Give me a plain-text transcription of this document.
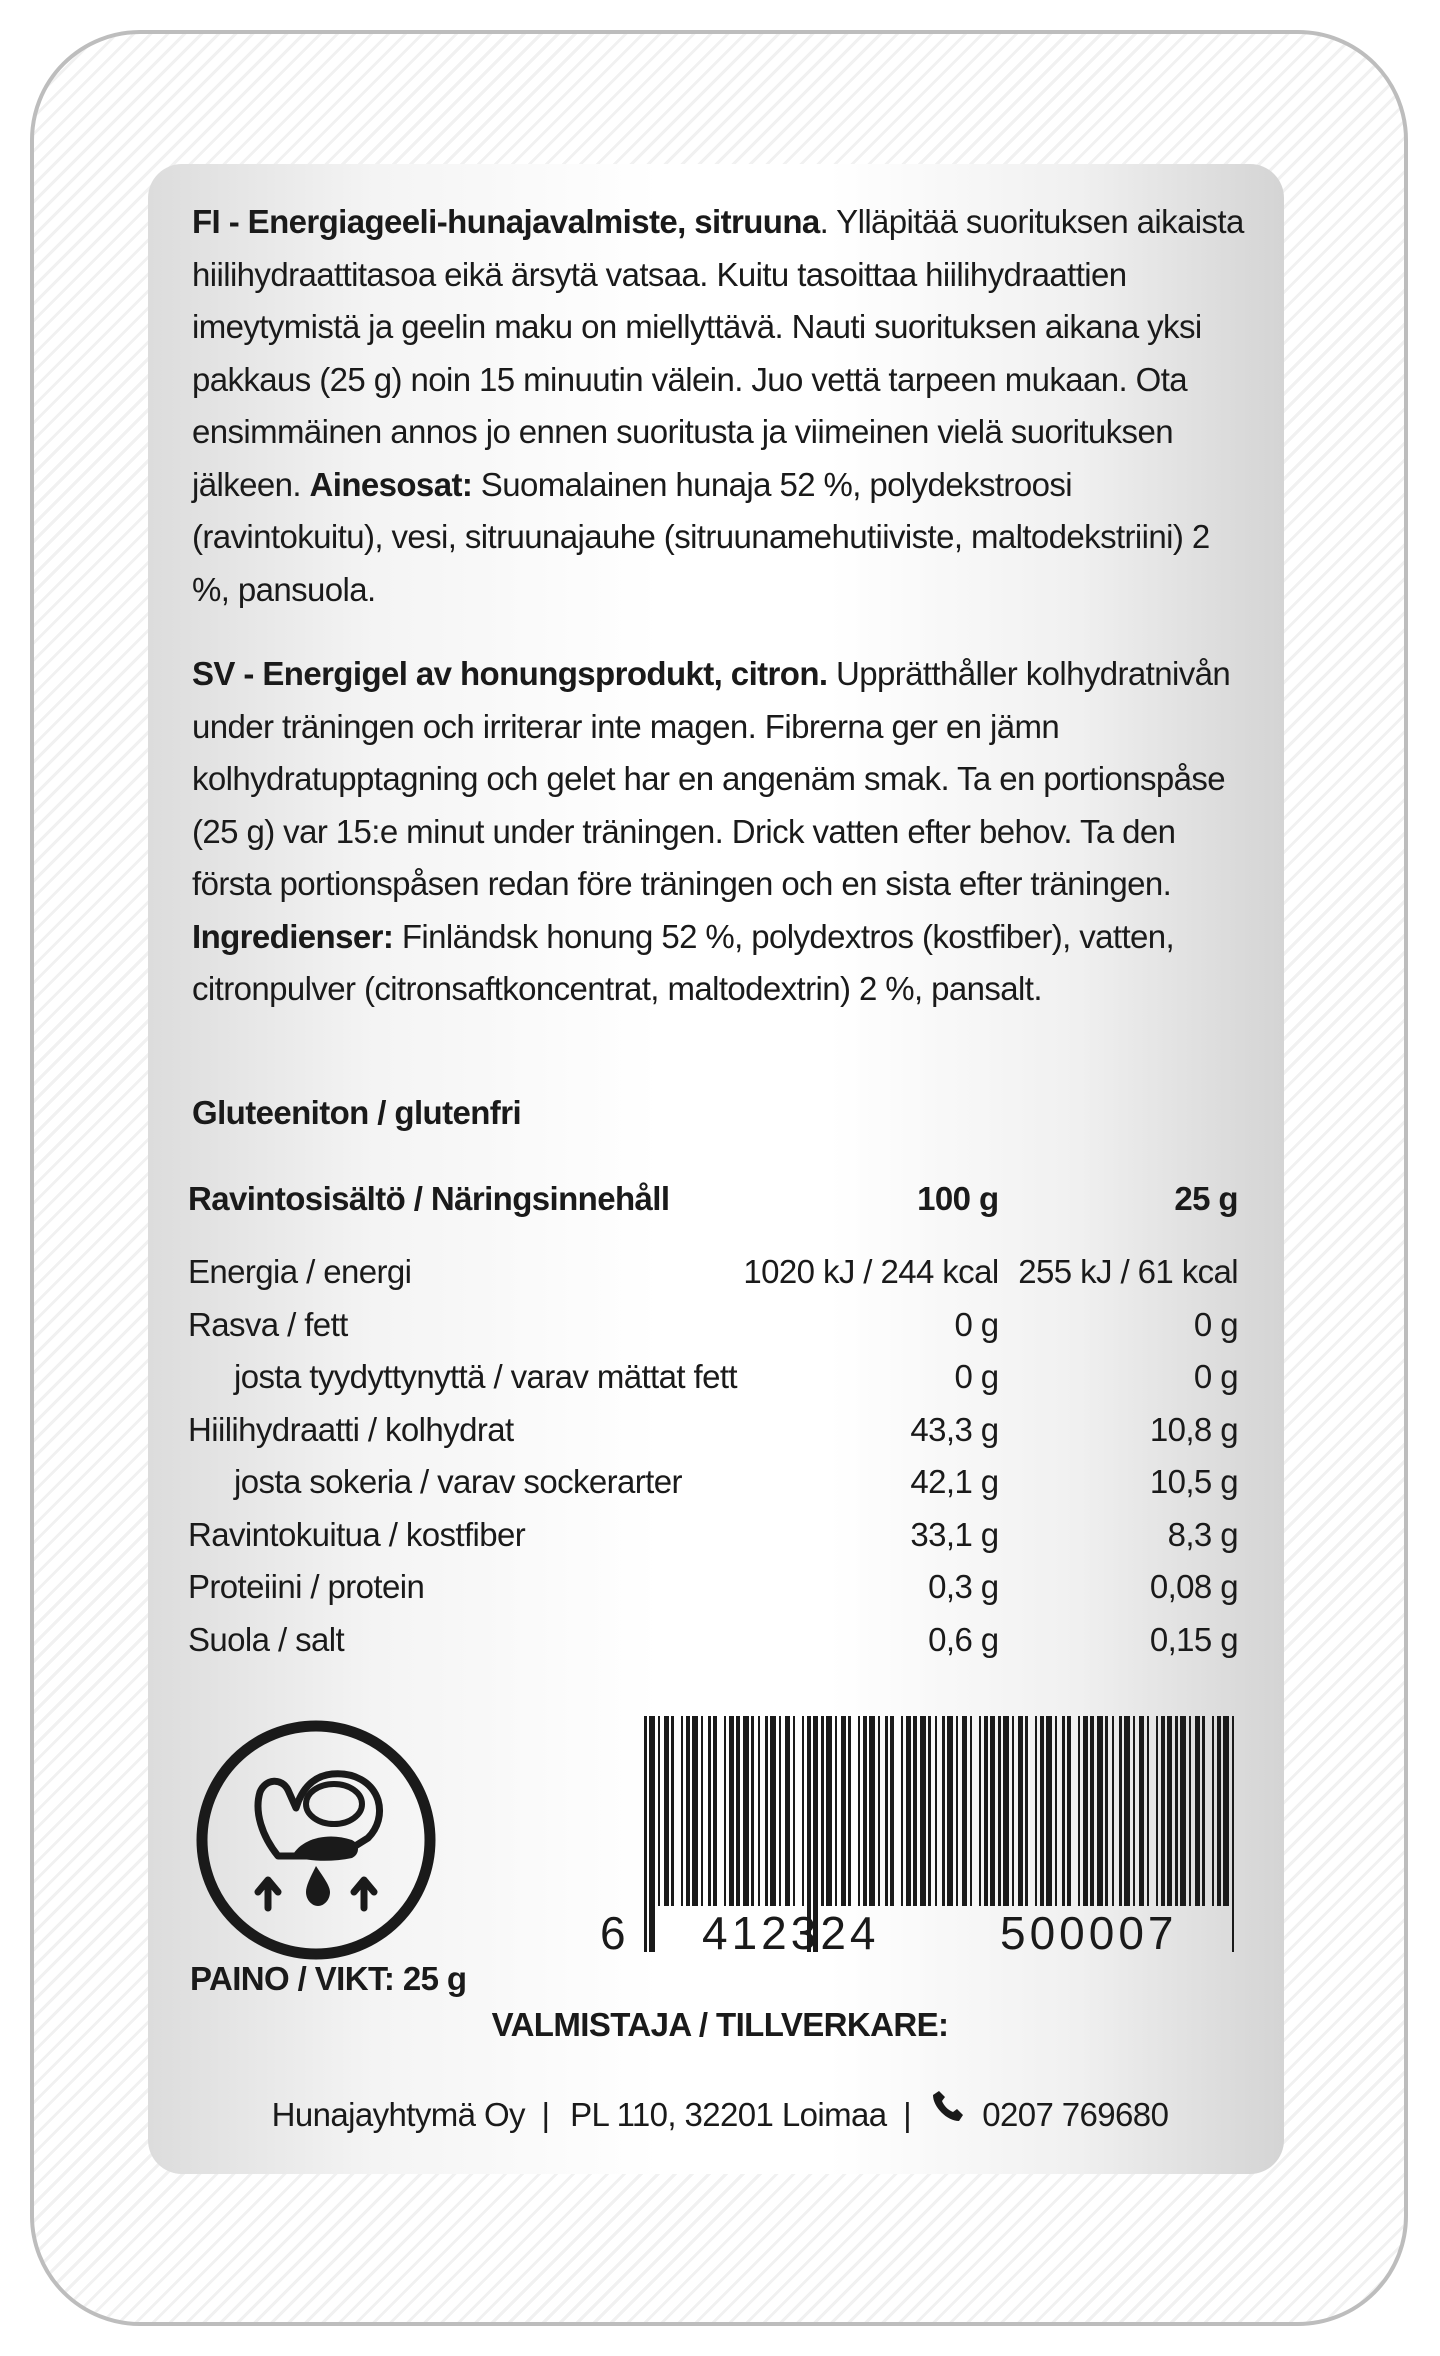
FI - Energiageeli-hunajavalmiste, sitruuna. Ylläpitää suorituksen aikaista hiilihydraattitasoa eikä ärsytä vatsaa. Kuitu tasoittaa hiilihydraattien imeytymistä ja geelin maku on miellyttävä. Nauti suorituksen aikana yksi pakkaus (25 g) noin 15 minuutin välein. Juo vettä tarpeen mukaan. Ota ensimmäinen annos jo ennen suoritusta ja viimeinen vielä suorituksen jälkeen. Ainesosat: Suomalainen hunaja 52 %, polydekstroosi (ravintokuitu), vesi, sitruunajauhe (sitruunamehutiiviste, maltodekstriini) 2 %, pansuola.
SV - Energigel av honungsprodukt, citron. Upprätthåller kolhydratnivån under träningen och irriterar inte magen. Fibrerna ger en jämn kolhydratupptagning och gelet har en angenäm smak. Ta en portionspåse (25 g) var 15:e minut under träningen. Drick vatten efter behov. Ta den första portionspåsen redan före träningen och en sista efter träningen. Ingredienser: Finländsk honung 52 %, polydextros (kostfiber), vatten, citronpulver (citronsaftkoncentrat, maltodextrin) 2 %, pansalt.
Gluteeniton / glutenfri
Ravintosisältö / Näringsinnehåll	100 g	25 g
Energia / energi	1020 kJ / 244 kcal	255 kJ / 61 kcal
Rasva / fett	0 g	0 g
josta tyydyttynyttä / varav mättat fett	0 g	0 g
Hiilihydraatti / kolhydrat	43,3 g	10,8 g
josta sokeria / varav sockerarter	42,1 g	10,5 g
Ravintokuitua / kostfiber	33,1 g	8,3 g
Proteiini / protein	0,3 g	0,08 g
Suola / salt	0,6 g	0,15 g
PAINO / VIKT: 25 g
6 412324	500007
VALMISTAJA / TILLVERKARE:
Hunajayhtymä Oy | PL 110, 32201 Loimaa | 0207 769680
